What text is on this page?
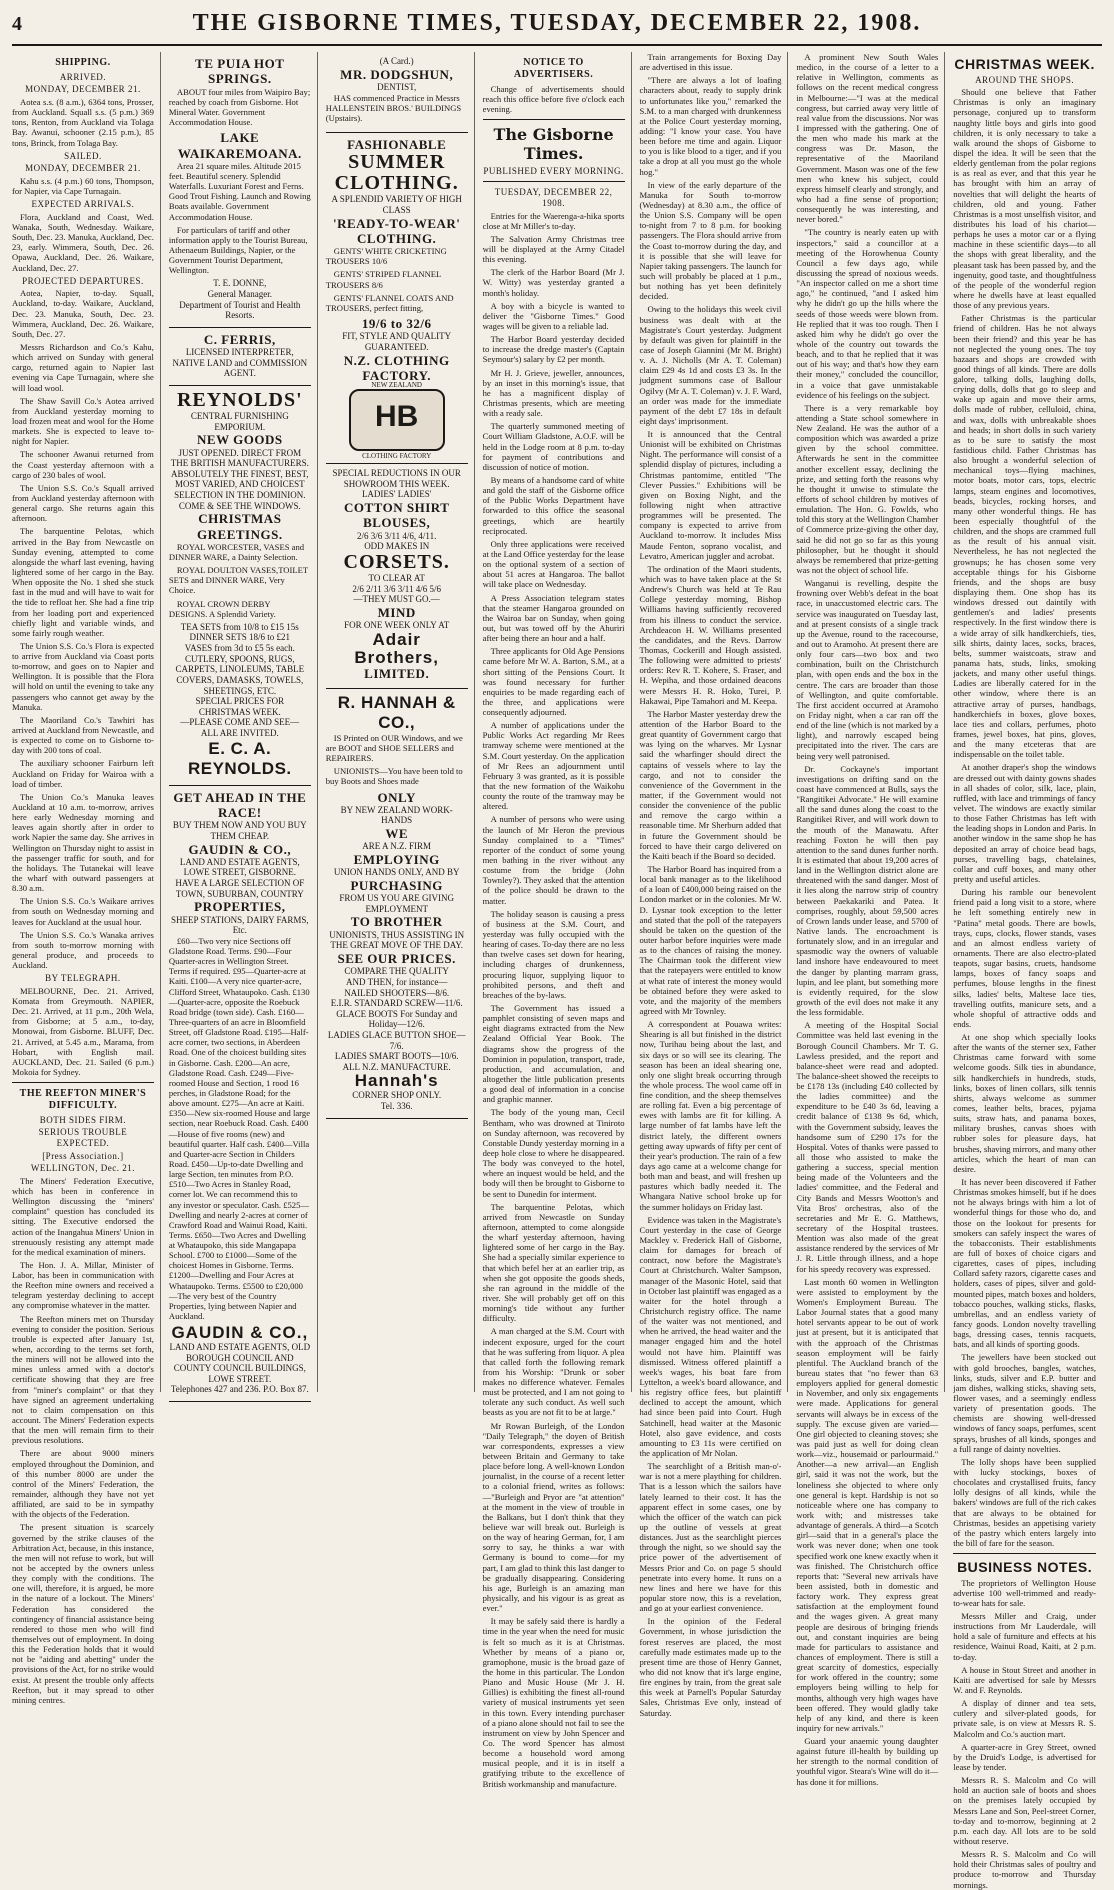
4	THE GISBORNE TIMES, TUESDAY, DECEMBER 22, 1908.
SHIPPING.
ARRIVED.
MONDAY, DECEMBER 21.

Aotea s.s. (8 a.m.), 6364 tons, Prosser, from Auckland. Squall s.s. (5 p.m.) 369 tons, Renton, from Auckland via Tolaga Bay. Awanui, schooner (2.15 p.m.), 85 tons, Brinck, from Tolaga Bay.

SAILED.
MONDAY, DECEMBER 21.

Kahu s.s. (4 p.m.) 60 tons, Thompson, for Napier, via Cape Turnagain.

EXPECTED ARRIVALS.

Flora, Auckland and Coast, Wed. Wanaka, South, Wednesday. Waikare, South, Dec. 23. Manuka, Auckland, Dec. 23, early. Wimmera, South, Dec. 26. Opawa, Auckland, Dec. 26. Waikare, Auckland, Dec. 27.

PROJECTED DEPARTURES.

Aotea, Napier, to-day. Squall, Auckland, to-day. Waikare, Auckland, Dec. 23. Manuka, South, Dec. 23. Wimmera, Auckland, Dec. 26. Waikare, South, Dec. 27.

Messrs Richardson and Co.'s Kahu, which arrived on Sunday with general cargo, returned again to Napier last evening via Cape Turnagain, where she will load wool.

The Shaw Savill Co.'s Aotea arrived from Auckland yesterday morning to load frozen meat and wool for the Home markets. She is expected to leave to-night for Napier.

The schooner Awanui returned from the Coast yesterday afternoon with a cargo of 230 bales of wool.

The Union S.S. Co.'s Squall arrived from Auckland yesterday afternoon with general cargo. She returns again this afternoon.

The barquentine Pelotas, which arrived in the Bay from Newcastle on Sunday evening, attempted to come alongside the wharf last evening, having lightered some of her cargo in the Bay. When opposite the No. 1 shed she stuck fast in the mud and will have to wait for the tide to refloat her. She had a fine trip from her loading port and experienced chiefly light and variable winds, and some fairly rough weather.

The Union S.S. Co.'s Flora is expected to arrive from Auckland via Coast ports to-morrow, and goes on to Napier and Wellington. It is possible that the Flora will hold on until the evening to take any passengers who cannot get away by the Manuka.

The Maoriland Co.'s Tawhiri has arrived at Auckland from Newcastle, and is expected to come on to Gisborne to-day with 200 tons of coal.

The auxiliary schooner Fairburn left Auckland on Friday for Wairoa with a load of timber.

The Union Co.'s Manuka leaves Auckland at 10 a.m. to-morrow, arrives here early Wednesday morning and leaves again shortly after in order to work Napier the same day. She arrives in Wellington on Thursday night to assist in the passenger traffic for south, and for the holidays. The Tutanekai will leave the wharf with outward passengers at 8.30 a.m.

The Union S.S. Co.'s Waikare arrives from south on Wednesday morning and leaves for Auckland at the usual hour.

The Union S.S. Co.'s Wanaka arrives from south to-morrow morning with general produce, and proceeds to Auckland.

BY TELEGRAPH.

MELBOURNE, Dec. 21. Arrived, Komata from Greymouth. NAPIER, Dec. 21. Arrived, at 11 p.m., 20th Wela, from Gisborne; at 5 a.m., to-day, Monowai, from Gisborne. BLUFF, Dec. 21. Arrived, at 5.45 a.m., Marama, from Hobart, with English mail. AUCKLAND, Dec. 21. Sailed (6 p.m.) Mokoia for Sydney.

THE REEFTON MINER'S DIFFICULTY.
BOTH SIDES FIRM.
SERIOUS TROUBLE EXPECTED.
[Press Association.]
WELLINGTON, Dec. 21.

The Miners' Federation Executive, which has been in conference in Wellington discussing the "miners' complaint" question has concluded its sitting. The Executive endorsed the action of the Inangahua Miners' Union in strenuously resisting any attempt made for the medical examination of miners.

The Hon. J. A. Millar, Minister of Labor, has been in communication with the Reefton mine owners and received a telegram yesterday declining to accept any compromise whatever in the matter.

The Reefton miners met on Thursday evening to consider the position. Serious trouble is expected after January 1st, when, according to the terms set forth, the miners will not be allowed into the mines unless armed with a doctor's certificate showing that they are free from "miner's complaint" or that they have signed an agreement undertaking not to claim compensation on this account. The Miners' Federation expects that the men will remain firm to their previous resolutions.

There are about 9000 miners employed throughout the Dominion, and of this number 8000 are under the control of the Miners' Federation, the remainder, although they have not yet affiliated, are said to be in sympathy with the objects of the Federation.

The present situation is scarcely governed by the strike clauses of the Arbitration Act, because, in this instance, the men will not refuse to work, but will not be accepted by the owners unless they comply with the conditions. The one will, therefore, it is argued, be more in the nature of a lockout. The Miners' Federation has considered the contingency of financial assistance being rendered to those men who will find themselves out of employment. In doing this the Federation holds that it would not be "aiding and abetting" under the provisions of the Act, for no strike would exist. At present the trouble only affects Reefton, but it may spread to other mining centres.

TE PUIA HOT SPRINGS.

ABOUT four miles from Waipiro Bay; reached by coach from Gisborne. Hot Mineral Water. Government Accommodation House.

LAKE WAIKAREMOANA.

Area 21 square miles. Altitude 2015 feet. Beautiful scenery. Splendid Waterfalls. Luxuriant Forest and Ferns. Good Trout Fishing. Launch and Rowing Boats available. Government Accommodation House.

For particulars of tariff and other information apply to the Tourist Bureau, Athenaeum Buildings, Napier, or the Government Tourist Department, Wellington.

T. E. DONNE,
General Manager.
Department of Tourist and Health Resorts.
C. FERRIS,
LICENSED INTERPRETER, NATIVE LAND and COMMISSION AGENT.
REYNOLDS'
CENTRAL FURNISHING EMPORIUM.
NEW GOODS
JUST OPENED. DIRECT FROM THE BRITISH MANUFACTURERS.
ABSOLUTELY THE FINEST, BEST, MOST VARIED, AND CHOICEST SELECTION IN THE DOMINION.
COME & SEE THE WINDOWS.
CHRISTMAS
GREETINGS.

ROYAL WORCESTER, VASES and DINNER WARE, a Dainty Selection.

ROYAL DOULTON VASES,TOILET SETS and DINNER WARE, Very Choice.

ROYAL CROWN DERBY DESIGNS. A Splendid Variety.

TEA SETS from 10/8 to £15 15s
DINNER SETS 18/6 to £21
VASES from 3d to £5 5s each.
CUTLERY, SPOONS, RUGS, CARPETS, LINOLEUMS, TABLE COVERS, DAMASKS, TOWELS, SHEETINGS, ETC.
SPECIAL PRICES FOR CHRISTMAS WEEK.
—PLEASE COME AND SEE—
ALL ARE INVITED.
E. C. A. REYNOLDS.
GET AHEAD IN THE RACE!
BUY THEM NOW AND YOU BUY THEM CHEAP.
GAUDIN & CO.,
LAND AND ESTATE AGENTS, LOWE STREET, GISBORNE.
HAVE A LARGE SELECTION OF TOWN, SUBURBAN, COUNTRY
PROPERTIES,
SHEEP STATIONS, DAIRY FARMS, Etc.

£60—Two very nice Sections off Gladstone Road. Terms. £90—Four Quarter-acres in Wellington Street. Terms if required. £95—Quarter-acre at Kaiti. £100—A very nice quarter-acre, Clifford Street, Whataupoko. Cash. £130—Quarter-acre, opposite the Roebuck Road bridge (town side). Cash. £160—Three-quarters of an acre in Bloomfield Street, off Gladstone Road. £195—Half-acre corner, two sections, in Aberdeen Road. One of the choicest building sites in Gisborne. Cash. £200—An acre, Gladstone Road. Cash. £249—Five-roomed House and Section, 1 rood 16 perches, in Gladstone Road; for the above amount. £275—An acre at Kaiti. £350—New six-roomed House and large section, near Roebuck Road. Cash. £400—House of five rooms (new) and beautiful quarter. Half cash. £400—Villa and Quarter-acre Section in Childers Road. £450—Up-to-date Dwelling and large Section, ten minutes from P.O. £510—Two Acres in Stanley Road, corner lot. We can recommend this to any investor or speculator. Cash. £525—Dwelling and nearly 2-acres at corner of Crawford Road and Wainui Road, Kaiti. Terms. £650—Two Acres and Dwelling at Whataupoko, this side Mangapapa School. £700 to £1000—Some of the choicest Homes in Gisborne. Terms. £1200—Dwelling and Four Acres at Whataupoko. Terms. £5500 to £20,000—The very best of the Country Properties, lying between Napier and Auckland.

GAUDIN & CO.,
LAND AND ESTATE AGENTS, OLD BOROUGH COUNCIL AND COUNTY COUNCIL BUILDINGS, LOWE STREET.
Telephones 427 and 236. P.O. Box 87.
(A Card.)
MR. DODGSHUN,
DENTIST,

HAS commenced Practice in Messrs HALLENSTEIN BROS.' BUILDINGS (Upstairs).

FASHIONABLE
SUMMER
CLOTHING.
A SPLENDID VARIETY OF HIGH CLASS
'READY-TO-WEAR' CLOTHING.

GENTS' WHITE CRICKETING TROUSERS 10/6

GENTS' STRIPED FLANNEL TROUSERS 8/6

GENTS' FLANNEL COATS AND TROUSERS, perfect fitting,

19/6 to 32/6
FIT, STYLE AND QUALITY GUARANTEED.
N.Z. CLOTHING FACTORY.
NEW ZEALAND
HB
CLOTHING FACTORY
SPECIAL REDUCTIONS IN OUR SHOWROOM THIS WEEK.
LADIES' LADIES'
COTTON SHIRT BLOUSES,
2/6 3/6 3/11 4/6, 4/11.
ODD MAKES IN
CORSETS.
TO CLEAR AT
2/6 2/11 3/6 3/11 4/6 5/6
—THEY MUST GO.—
MIND
FOR ONE WEEK ONLY AT
Adair
Brothers,
LIMITED.
R. HANNAH & CO.,

IS Printed on OUR Windows, and we are BOOT and SHOE SELLERS and REPAIRERS.

UNIONISTS—You have been told to buy Boots and Shoes made

ONLY
BY NEW ZEALAND WORK-HANDS
WE
ARE A N.Z. FIRM
EMPLOYING
UNION HANDS ONLY, AND BY
PURCHASING
FROM US YOU ARE GIVING EMPLOYMENT
TO BROTHER
UNIONISTS, THUS ASSISTING IN THE GREAT MOVE OF THE DAY.
SEE OUR PRICES.
COMPARE THE QUALITY
AND THEN, for instance—
NAILED SHOOTERS—8/6.
E.I.R. STANDARD SCREW—11/6.
GLACE BOOTS For Sunday and Holiday—12/6.
LADIES GLACE BUTTON SHOE—7/6.
LADIES SMART BOOTS—10/6. ALL N.Z. MANUFACTURE.
Hannah's
CORNER SHOP ONLY.
Tel. 336.
NOTICE TO ADVERTISERS.

Change of advertisements should reach this office before five o'clock each evening.

The Gisborne Times.
PUBLISHED EVERY MORNING.
TUESDAY, DECEMBER 22, 1908.

Entries for the Waerenga-a-hika sports close at Mr Miller's to-day.

The Salvation Army Christmas tree will be displayed at the Army Citadel this evening.

The clerk of the Harbor Board (Mr J. W. Witty) was yesterday granted a month's holiday.

A boy with a bicycle is wanted to deliver the "Gisborne Times." Good wages will be given to a reliable lad.

The Harbor Board yesterday decided to increase the dredge master's (Captain Seymour's) salary by £2 per month.

Mr H. J. Grieve, jeweller, announces, by an inset in this morning's issue, that he has a magnificent display of Christmas presents, which are meeting with a ready sale.

The quarterly summoned meeting of Court William Gladstone, A.O.F. will be held in the Lodge room at 8 p.m. to-day for payment of contributions and discussion of notice of motion.

By means of a handsome card of white and gold the staff of the Gisborne office of the Public Works Department have forwarded to this office the seasonal greetings, which are heartily reciprocated.

Only three applications were received at the Land Office yesterday for the lease on the optional system of a section of about 51 acres at Hangaroa. The ballot will take place on Wednesday.

A Press Association telegram states that the steamer Hangaroa grounded on the Wairoa bar on Sunday, when going out, but was towed off by the Ahuriri after being there an hour and a half.

Three applicants for Old Age Pensions came before Mr W. A. Barton, S.M., at a short sitting of the Pensions Court. It was found necessary for further enquiries to be made regarding each of the three, and applications were consequently adjourned.

A number of applications under the Public Works Act regarding Mr Rees tramway scheme were mentioned at the S.M. Court yesterday. On the application of Mr Rees an adjournment until February 3 was granted, as it is possible that the new formation of the Waikohu county the route of the tramway may be altered.

A number of persons who were using the launch of Mr Heron the previous Sunday complained to a "Times" reporter of the conduct of some young men bathing in the river without any costume from the bridge (John Townley?). They asked that the attention of the police should be drawn to the matter.

The holiday season is causing a press of business at the S.M. Court, and yesterday was fully occupied with the hearing of cases. To-day there are no less than twelve cases set down for hearing, including charges of drunkenness, procuring liquor, supplying liquor to prohibited persons, and theft and breaches of the by-laws.

The Government has issued a pamphlet consisting of seven maps and eight diagrams extracted from the New Zealand Official Year Book. The diagrams show the progress of the Dominion in population, transport, trade, production, and accumulation, and altogether the little publication presents a good deal of information in a concise and graphic manner.

The body of the young man, Cecil Bentham, who was drowned at Tiniroto on Sunday afternoon, was recovered by Constable Dundy yesterday morning in a deep hole close to where he disappeared. The body was conveyed to the hotel, where an inquest would be held, and the body will then be brought to Gisborne to be sent to Dunedin for interment.

The barquentine Pelotas, which arrived from Newcastle on Sunday afternoon, attempted to come alongside the wharf yesterday afternoon, having lightered some of her cargo in the Bay. She had a specially similar experience to that which befel her at an earlier trip, as when she got opposite the goods sheds, she ran aground in the middle of the river. She will probably get off on this morning's tide without any further difficulty.

A man charged at the S.M. Court with indecent exposure, urged for the court that he was suffering from liquor. A plea that called forth the following remark from his Worship: "Drunk or sober makes no difference whatever. Females must be protected, and I am not going to tolerate any such conduct. As well such beasts as you are not fit to be at large."

Mr Rowan Burleigh, of the London "Daily Telegraph," the doyen of British war correspondents, expresses a view between Britain and Germany to take place before long. A well-known London journalist, in the course of a recent letter to a colonial friend, writes as follows:—"Burleigh and Pryor are "at attention" at the moment in the view of trouble in the Balkans, but I don't think that they believe war will break out. Burleigh is on the way of hearing German, for, I am sorry to say, he thinks a war with Germany is bound to come—for my part, I am glad to think this last danger to be gradually disappearing. Considering his age, Burleigh is an amazing man physically, and his vigour is as great as ever."

It may be safely said there is hardly a time in the year when the need for music is felt so much as it is at Christmas. Whether by means of a piano or, gramophone, music is the broad gaze of the home in this particular. The London Piano and Music House (Mr J. H. Gillies) is exhibiting the finest all-round variety of musical instruments yet seen in this town. Every intending purchaser of a piano alone should not fail to see the instrument on view by John Spencer and Co. The word Spencer has almost become a household word among musical people, and it is in itself a gratifying tribute to the excellence of British workmanship and manufacture.

Train arrangements for Boxing Day are advertised in this issue.

"There are always a lot of loafing characters about, ready to supply drink to unfortunates like you," remarked the S.M. to a man charged with drunkenness at the Police Court yesterday morning, adding: "I know your case. You have been before me time and again. Liquor to you is like blood to a tiger, and if you take a drop at all you must go the whole hog."

In view of the early departure of the Manuka for South to-morrow (Wednesday) at 8.30 a.m., the office of the Union S.S. Company will be open to-night from 7 to 8 p.m. for booking passengers. The Flora should arrive from the Coast to-morrow during the day, and it is possible that she will leave for Napier taking passengers. The launch for such will probably be placed at 1 p.m., but nothing has yet been definitely decided.

Owing to the holidays this week civil business was dealt with at the Magistrate's Court yesterday. Judgment by default was given for plaintiff in the case of Joseph Giannini (Mr M. Bright) v. A. J. Nicholls (Mr A. T. Coleman) claim £29 4s 1d and costs £3 3s. In the judgment summons case of Ballour Ogilvy (Mr A. T. Coleman) v. J. F. Ward, an order was made for the immediate payment of the debt £7 18s in default eight days' imprisonment.

It is announced that the Central Unionist will be exhibited on Christmas Night. The performance will consist of a splendid display of pictures, including a Christmas pantomime, entitled "The Clever Pussies." Exhibitions will be given on Boxing Night, and the following night when attractive programmes will be presented. The company is expected to arrive from Auckland to-morrow. It includes Miss Maude Fenton, soprano vocalist, and Levatro, American juggler and acrobat.

The ordination of the Maori students, which was to have taken place at the St Andrew's Church was held at Te Rau College yesterday morning, Bishop Williams having sufficiently recovered from his illness to conduct the service. Archdeacon H. W. Williams presented the candidates, and the Revs. Darrow Thomas, Cockerill and Hough assisted. The following were admitted to priests' orders: Rev R. T. Kohere, S. Fraser, and H. Wepiha, and those ordained deacons were Messrs H. R. Hoko, Turei, P. Hakawai, Pipe Tamahori and M. Keepa.

The Harbor Master yesterday drew the attention of the Harbor Board to the great quantity of Government cargo that was lying on the wharves. Mr Lysnar said the wharfinger should direct the captains of vessels where to lay the cargo, and not to consider the convenience of the Government in the matter, if the Government would not consider the convenience of the public and remove the cargo within a reasonable time. Mr Sherburn added that in future the Government should be forced to have their cargo delivered on the Kaiti beach if the Board so decided.

The Harbor Board has inquired from a local bank manager as to the likelihood of a loan of £400,000 being raised on the London market or in the colonies. Mr W. D. Lysnar took exception to the letter and stated that the poll of the ratepayers should be taken on the question of the outer harbor before inquiries were made as to the chances of raising the money. The Chairman took the different view that the ratepayers were entitled to know at what rate of interest the money would be obtained before they were asked to vote, and the majority of the members agreed with Mr Townley.

A correspondent at Pouawa writes: Shearing is all but finished in the district now, Turihau being about the last, and six days or so will see its clearing. The season has been an ideal shearing one, only one slight break occurring through the whole process. The wool came off in fine condition, and the sheep themselves are rolling fat. Even a big percentage of ewes with lambs are fit for killing. A large number of fat lambs have left the district lately, the different owners getting away upwards of fifty per cent of their year's production. The rain of a few days ago came at a welcome change for both man and beast, and will freshen up pastures which badly needed it. The Whangara Native school broke up for the summer holidays on Friday last.

Evidence was taken in the Magistrate's Court yesterday in the case of George Mackley v. Frederick Hall of Gisborne, claim for damages for breach of contract, now before the Magistrate's Court at Christchurch. Walter Sampson, manager of the Masonic Hotel, said that in October last plaintiff was engaged as a waiter for the hotel through a Christchurch registry office. The name of the waiter was not mentioned, and when he arrived, the head waiter and the manager engaged him and the hotel would not have him. Plaintiff was dismissed. Witness offered plaintiff a week's wages, his boat fare from Lyttelton, a week's board allowance, and his registry office fees, but plaintiff declined to accept the amount, which had since been paid into Court. Hugh Satchinell, head waiter at the Masonic Hotel, also gave evidence, and costs amounting to £3 11s were certified on the application of Mr Nolan.

The searchlight of a British man-o'-war is not a mere plaything for children. That is a lesson which the sailors have lately learned to their cost. It has the apparent effect in some cases, one by which the officer of the watch can pick up the outline of vessels at great distances. Just as the searchlight pierces through the night, so we should say the price power of the advertisement of Messrs Prior and Co. on page 5 should penetrate into every home. It runs on a new lines and here we have for this popular store now, this is a revelation, and go at your earliest convenience.

In the opinion of the Federal Government, in whose jurisdiction the forest reserves are placed, the most carefully made estimates made up to the present time are those of Henry Gannet, who did not know that it's large engine, fire engines by train, from the great sale this week at Parnell's Popular Saturday Sales, Christmas Eve only, instead of Saturday.

A prominent New South Wales medico, in the course of a letter to a relative in Wellington, comments as follows on the recent medical congress in Melbourne:—"I was at the medical congress, but carried away very little of real value from the discussions. Nor was I impressed with the gathering. One of the men who made his mark at the congress was Dr. Mason, the representative of the Maoriland Government. Mason was one of the few men who knew his subject, could express himself clearly and strongly, and who had a fine sense of proportion; consequently he was interesting, and never bored."

"The country is nearly eaten up with inspectors," said a councillor at a meeting of the Horowhenua County Council a few days ago, while discussing the spread of noxious weeds. "An inspector called on me a short time ago," he continued, "and I asked him why he didn't go up the hills where the seeds of those weeds were blown from. He replied that it was too rough. Then I asked him why he didn't go over the whole of the country out towards the beach, and to that he replied that it was out of his way; and that's how they earn their money," concluded the councillor, in a voice that gave unmistakable evidence of his feelings on the subject.

There is a very remarkable boy attending a State school somewhere in New Zealand. He was the author of a composition which was awarded a prize given by the school committee. Afterwards he sent in the committee another excellent essay, declining the prize, and setting forth the reasons why he thought it unwise to stimulate the efforts of school children by motives of emulation. The Hon. G. Fowlds, who told this story at the Wellington Chamber of Commerce prize-giving the other day, said he did not go so far as this young philosopher, but he thought it should always be remembered that prize-getting was not the object of school life.

Wanganui is revelling, despite the frowning over Webb's defeat in the boat race, in unaccustomed electric cars. The service was inaugurated on Tuesday last, and at present consists of a single track up the Avenue, round to the racecourse, and out to Aramoho. At present there are only four cars—two box and two combination, built on the Christchurch plan, with open ends and the box in the centre. The cars are broader than those of Wellington, and quite comfortable. The first accident occurred at Aramoho on Friday night, when a car ran off the end of the line (which is not marked by a light), and narrowly escaped being precipitated into the river. The cars are being very well patronised.

Dr. Cockayne's important investigations on drifting sand on the coast have commenced at Bulls, says the "Rangitikei Advocate." He will examine all the sand dunes along the coast to the Rangitikei River, and will work down to the mouth of the Manawatu. After reaching Foxton he will then pay attention to the sand dunes further north. It is estimated that about 19,200 acres of land in the Wellington district alone are threatened with the sand danger. Most of it lies along the narrow strip of country between Paekakariki and Patea. It comprises, roughly, about 59,500 acres of Crown lands under lease, and 5700 of Native lands. The encroachment is fortunately slow, and in an irregular and spasmodic way the owners of valuable land inshore have endeavoured to meet the danger by planting marram grass, lupin, and lee plant, but something more is evidently required, for the slow growth of the evil does not make it any the less formidable.

A meeting of the Hospital Social Committee was held last evening in the Borough Council Chambers. Mr T. G. Lawless presided, and the report and balance-sheet were read and adopted. The balance-sheet showed the receipts to be £178 13s (including £40 collected by the ladies committee) and the expenditure to be £40 3s 6d, leaving a credit balance of £138 9s 6d, which, with the Government subsidy, leaves the handsome sum of £290 17s for the Hospital. Votes of thanks were passed to all those who assisted to make the gathering a success, special mention being made of the Volunteers and the ladies' committee, and the Federal and City Bands and Messrs Wootton's and Vita Bros' orchestras, also of the secretaries and Mr E. G. Matthews, secretary of the Hospital trustees. Mention was also made of the great assistance rendered by the services of Mr J. R. Little through illness, and a hope for his speedy recovery was expressed.

Last month 60 women in Wellington were assisted to employment by the Women's Employment Bureau. The Labor Journal states that a good many hotel servants appear to be out of work just at present, but it is anticipated that with the approach of the Christmas season employment will be fairly plentiful. The Auckland branch of the bureau states that "no fewer than 63 employers applied for general domestic in November, and only six engagements were made. Applications for general servants will always be in excess of the supply. The excuse given are varied—One girl objected to cleaning stoves; she was paid just as well for doing clean work—viz., housemaid or parlourmaid." Another—a new arrival—an English girl, said it was not the work, but the loneliness she objected to where only one general is kept. Hardship is not so noticeable where one has company to work with; and mistresses take advantage of generals. A third—a Scotch girl—said that in a general's place the work was never done; when one took specified work one knew exactly when it was finished. The Christchurch office reports that: "Several new arrivals have been assisted, both in domestic and factory work. They express great satisfaction at the employment found and the wages given. A great many people are desirous of bringing friends out, and constant inquiries are being made for particulars to assistance and chances of employment. There is still a great scarcity of domestics, especially for work offered in the country; some employers being willing to help for months, although very high wages have been offered. They would gladly take help of any kind, and there is keen inquiry for new arrivals."

Guard your anaemic young daughter against future ill-health by building up her strength to the normal condition of youthful vigor. Steara's Wine will do it—has done it for millions.

CHRISTMAS WEEK.
AROUND THE SHOPS.

Should one believe that Father Christmas is only an imaginary personage, conjured up to transform naughty little boys and girls into good children, it is only necessary to take a walk around the shops of Gisborne to dispel the idea. It will be seen that the elderly gentleman from the polar regions is as real as ever, and that this year he has brought with him an array of novelties that will delight the hearts of children, old and young. Father Christmas is a most unselfish visitor, and distributes his load of his chariot—perhaps he uses a motor car or a flying machine in these scientific days—to all the shops with great liberality, and the pleasant task has been passed by, and the ingenuity, good taste, and thoughtfulness of the people of the wonderful region where he dwells have at least equalled those of any previous years.

Father Christmas is the particular friend of children. Has he not always been their friend? and this year he has not neglected the young ones. The toy bazaars and shops are crowded with good things of all kinds. There are dolls galore, talking dolls, laughing dolls, crying dolls, dolls that go to sleep and wake up again and move their arms, dolls made of rubber, celluloid, china, and wax, dolls with unbreakable shoes and heads; in short dolls in such variety as to be sure to satisfy the most fastidious child. Father Christmas has also brought a wonderful selection of mechanical toys—flying machines, motor boats, motor cars, tops, electric lamps, steam engines and locomotives, beads, bicycles, rocking horses, and many other wonderful things. He has been especially thoughtful of the children, and the shops are crammed full as the result of his annual visit. Nevertheless, he has not neglected the grownups; he has chosen some very acceptable things for his Gisborne friends, and the shops are busy displaying them. One shop has its windows dressed out daintily with gentlemen's and ladies' presents respectively. In the first window there is a wide array of silk handkerchiefs, ties, silk shirts, dainty laces, socks, braces, belts, summer waistcoats, straw and panama hats, studs, links, smoking jackets, and many other useful things. Ladies are liberally catered for in the other window, where there is an attractive array of purses, handbags, handkerchiefs in boxes, glove boxes, lace ties and collars, perfumes, photo frames, jewel boxes, hat pins, gloves, and the many etceteras that are indispensable on the toilet table.

At another draper's shop the windows are dressed out with dainty gowns shades in all shades of color, silk, lace, plain, ruffled, with lace and trimmings of fancy velvet. The windows are exactly similar to those Father Christmas has left with the leading shops in London and Paris. In another window in the same shop he has deposited an array of choice bead bags, purses, travelling bags, chatelaines, collar and cuff boxes, and many other pretty and useful articles.

During his ramble our benevolent friend paid a long visit to a store, where he left something entirely new in "Patina" metal goods. There are bowls, trays, cups, clocks, flower stands, vases and an almost endless variety of ornaments. There are also electro-plated teapots, sugar basins, cruets, handsome lamps, boxes of fancy soaps and perfumes, blouse lengths in the finest silks, ladies' belts, Maltese lace ties, travelling outfits, manicure sets, and a whole shopful of attractive odds and ends.

At one shop which specially looks after the wants of the sterner sex, Father Christmas came forward with some welcome goods. Silk ties in abundance, silk handkerchiefs in hundreds, studs, links, boxes of linen collars, silk tennis shirts, always welcome as summer comes, leather belts, braces, pyjama suits, straw hats, and panama boxes, military brushes, canvas shoes with rubber soles for pleasure days, hat brushes, shaving mirrors, and many other articles, which the heart of man can desire.

It has never been discovered if Father Christmas smokes himself, but if he does not he always brings with him a lot of wonderful things for those who do, and those on the lookout for presents for smokers can safely inspect the wares of the tobacconists. Their establishments are full of boxes of choice cigars and cigarettes, cases of pipes, including Collard safety razors, cigarette cases and holders, cases of pipes, silver and gold-mounted pipes, match boxes and holders, tobacco pouches, walking sticks, flasks, umbrellas, and an endless variety of fancy goods. London novelty travelling bags, dressing cases, tennis racquets, bats, and all kinds of sporting goods.

The jewellers have been stocked out with gold brooches, bangles, watches, links, studs, silver and E.P. butter and jam dishes, walking sticks, shaving sets, flower vases, and a seemingly endless variety of presentation goods. The chemists are showing well-dressed windows of fancy soaps, perfumes, scent sprays, brushes of all kinds, sponges and a full range of dainty novelties.

The lolly shops have been supplied with lucky stockings, boxes of chocolates and crystallised fruits, fancy lolly designs of all kinds, while the bakers' windows are full of the rich cakes that are always to be obtained for Christmas, besides an appetising variety of the pastry which enters largely into the bill of fare for the season.

BUSINESS NOTES.

The proprietors of Wellington House advertise 100 well-trimmed and ready-to-wear hats for sale.

Messrs Miller and Craig, under instructions from Mr Lauderdale, will hold a sale of furniture and effects at his residence, Wainui Road, Kaiti, at 2 p.m. to-day.

A house in Stout Street and another in Kaiti are advertised for sale by Messrs W. and F. Reynolds.

A display of dinner and tea sets, cutlery and silver-plated goods, for private sale, is on view at Messrs R. S. Malcolm and Co.'s auction mart.

A quarter-acre in Grey Street, owned by the Druid's Lodge, is advertised for lease by tender.

Messrs R. S. Malcolm and Co will hold an auction sale of boots and shoes on the premises lately occupied by Messrs Lane and Son, Peel-street Corner, to-day and to-morrow, beginning at 2 p.m. each day. All lots are to be sold without reserve.

Messrs R. S. Malcolm and Co will hold their Christmas sales of poultry and produce to-morrow and Thursday mornings.
